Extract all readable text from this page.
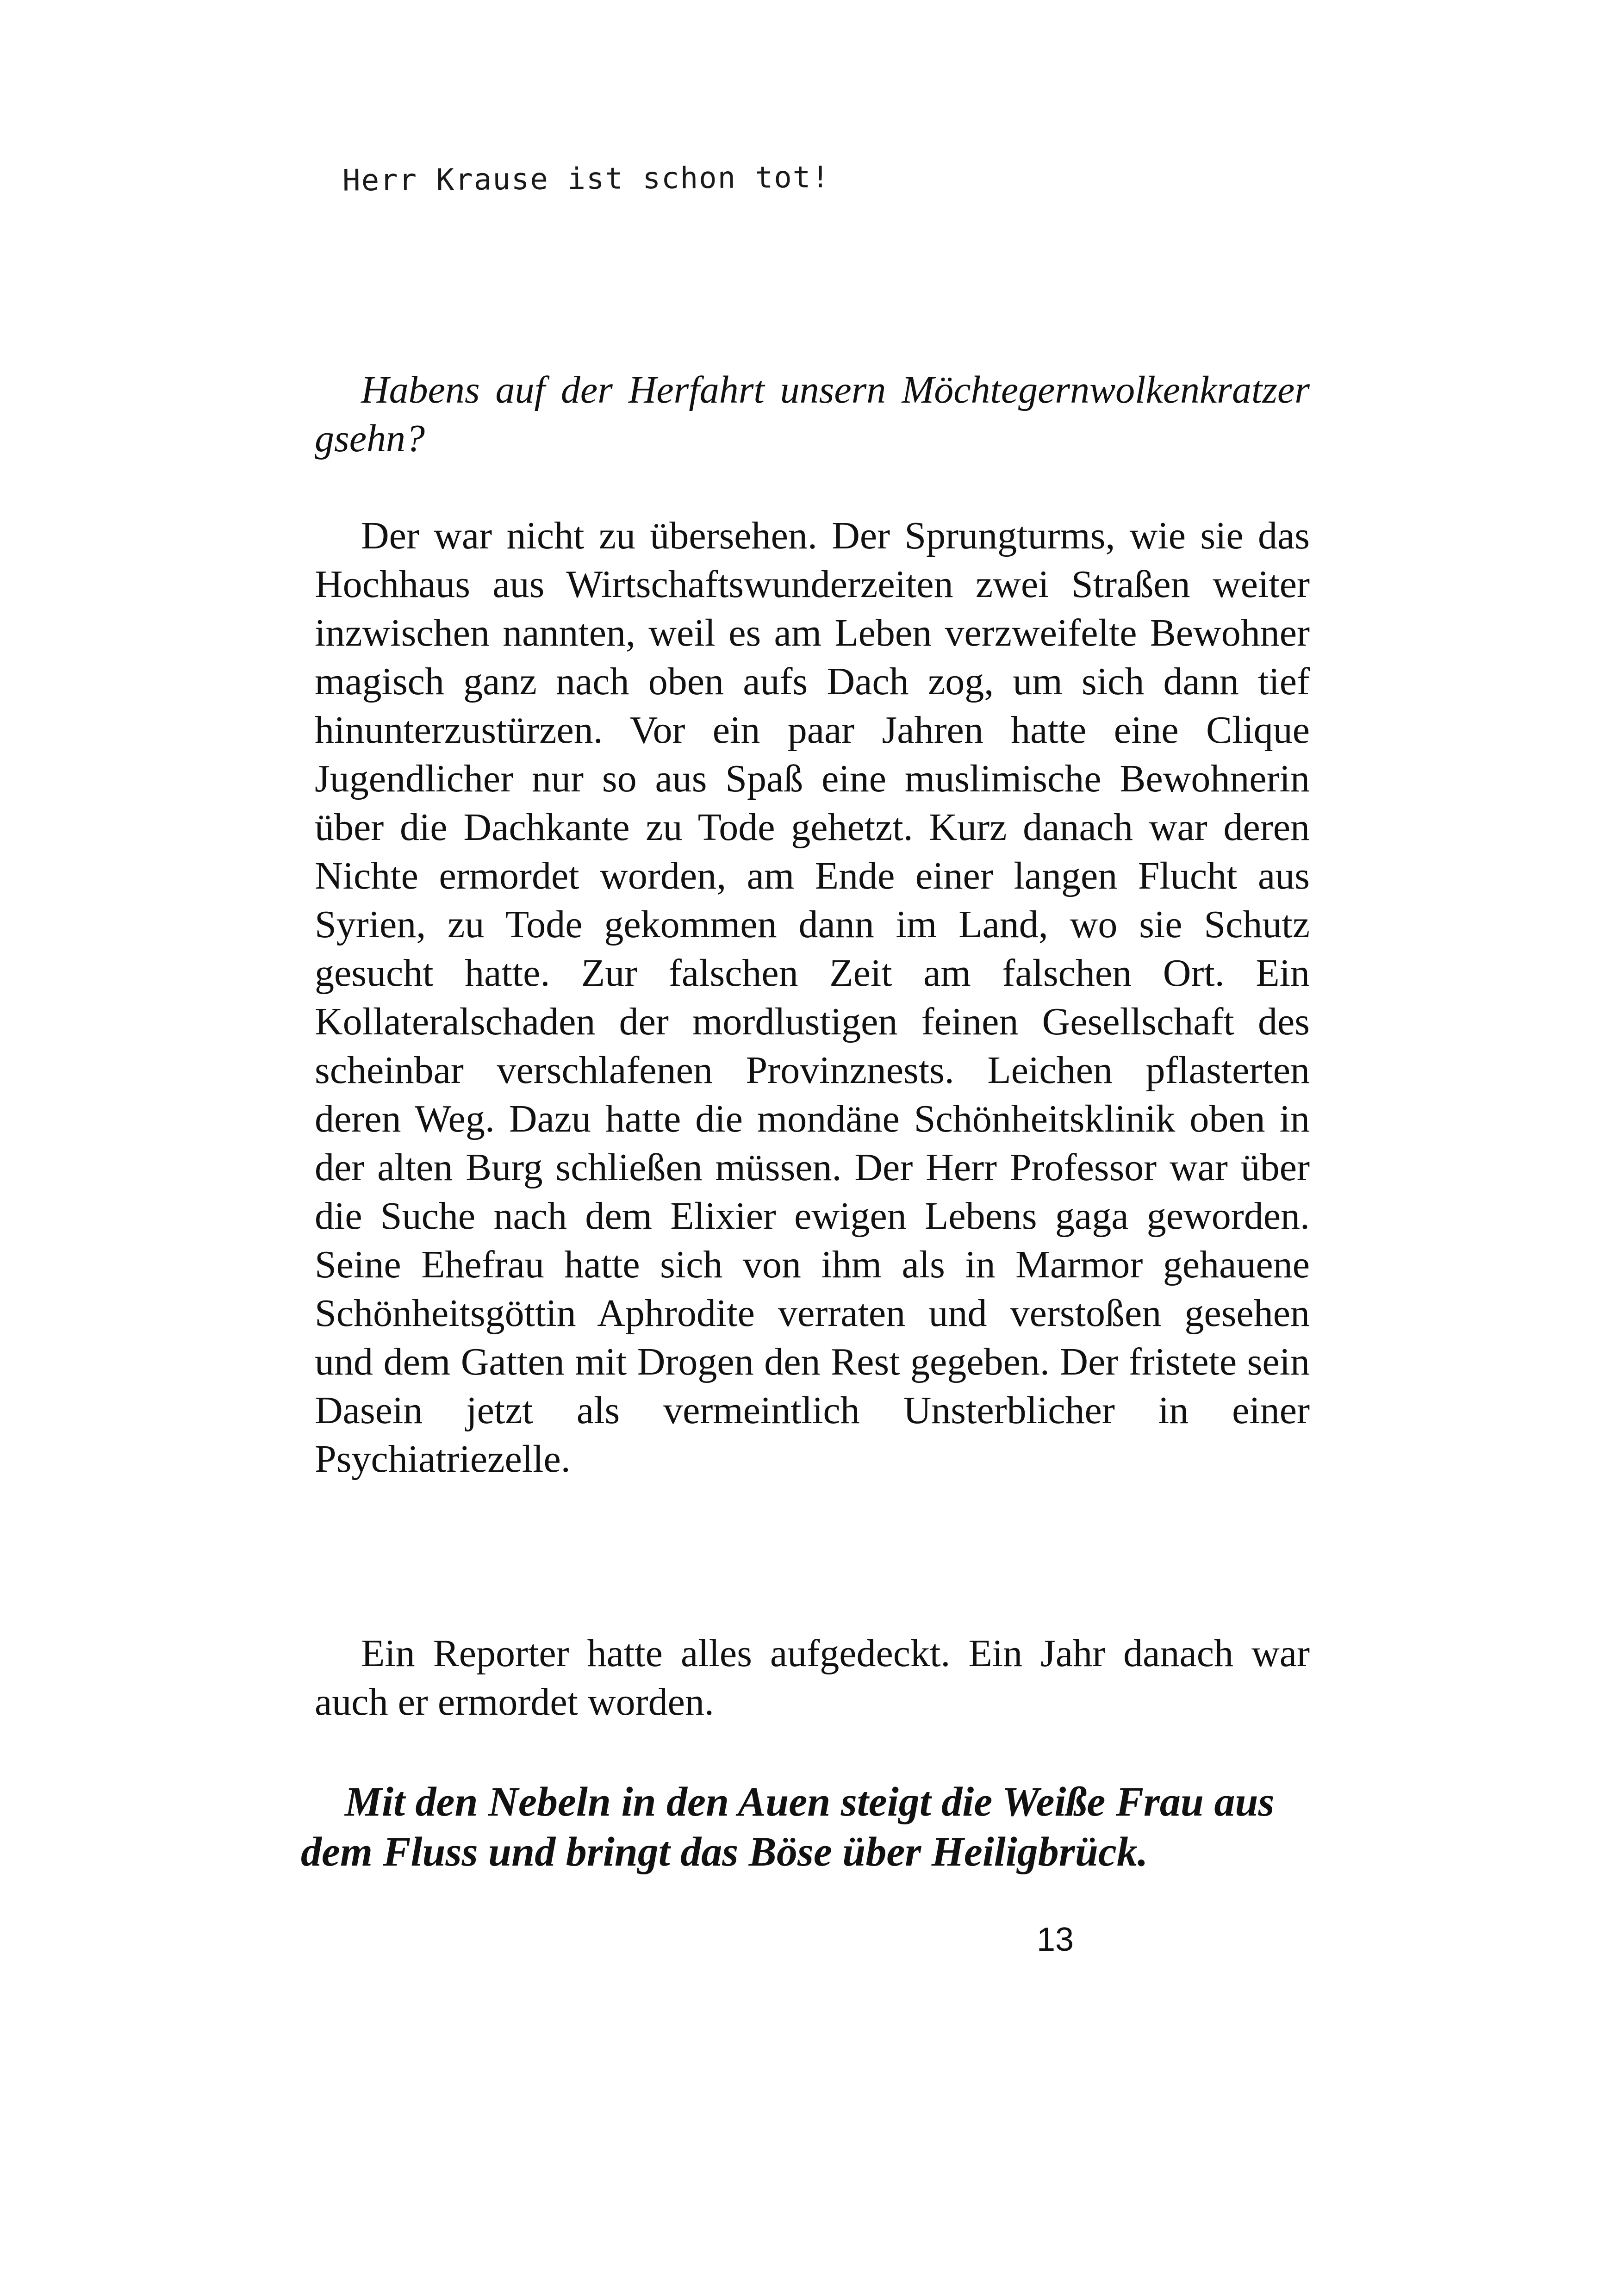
Herr Krause ist schon tot!

Habens auf der Herfahrt unsern Möchtegernwolkenkratzer gsehn?

Der war nicht zu übersehen. Der Sprungturms, wie sie das Hochhaus aus Wirtschaftswunderzeiten zwei Straßen weiter inzwischen nannten, weil es am Leben verzweifelte Bewohner magisch ganz nach oben aufs Dach zog, um sich dann tief hinunterzustürzen. Vor ein paar Jahren hatte eine Clique Jugendlicher nur so aus Spaß eine muslimische Bewohnerin über die Dachkante zu Tode gehetzt. Kurz danach war deren Nichte ermordet worden, am Ende einer langen Flucht aus Syrien, zu Tode gekommen dann im Land, wo sie Schutz gesucht hatte. Zur falschen Zeit am falschen Ort. Ein Kollateralschaden der mordlustigen feinen Gesellschaft des scheinbar verschlafenen Provinznests. Leichen pflasterten deren Weg. Dazu hatte die mondäne Schönheitsklinik oben in der alten Burg schließen müssen. Der Herr Professor war über die Suche nach dem Elixier ewigen Lebens gaga geworden. Seine Ehefrau hatte sich von ihm als in Marmor gehauene Schönheitsgöttin Aphrodite verraten und verstoßen gesehen und dem Gatten mit Drogen den Rest gegeben. Der fristete sein Dasein jetzt als vermeintlich Unsterblicher in einer Psychiatriezelle.

Ein Reporter hatte alles aufgedeckt. Ein Jahr danach war auch er ermordet worden.

Mit den Nebeln in den Auen steigt die Weiße Frau aus
dem Fluss und bringt das Böse über Heiligbrück.
13
